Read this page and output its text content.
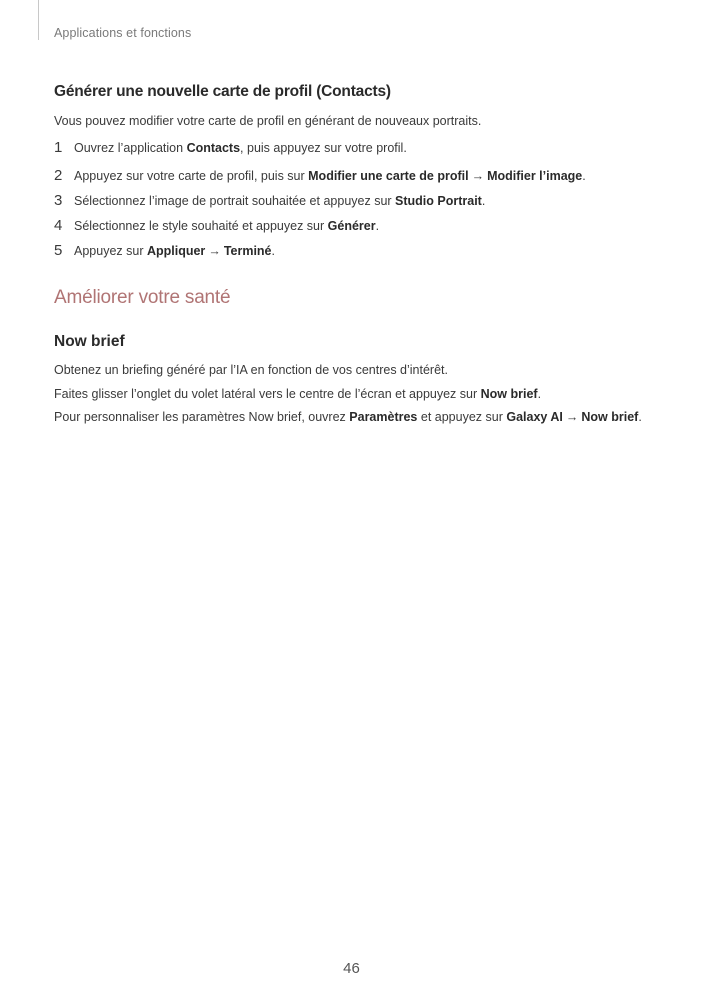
Applications et fonctions
Générer une nouvelle carte de profil (Contacts)

Vous pouvez modifier votre carte de profil en générant de nouveaux portraits.

1 Ouvrez l’application Contacts, puis appuyez sur votre profil.
2 Appuyez sur votre carte de profil, puis sur Modifier une carte de profil → Modifier l’image.
3 Sélectionnez l’image de portrait souhaitée et appuyez sur Studio Portrait.
4 Sélectionnez le style souhaité et appuyez sur Générer.
5 Appuyez sur Appliquer → Terminé.
Améliorer votre santé
Now brief

Obtenez un briefing généré par l’IA en fonction de vos centres d’intérêt.

Faites glisser l’onglet du volet latéral vers le centre de l’écran et appuyez sur Now brief.

Pour personnaliser les paramètres Now brief, ouvrez Paramètres et appuyez sur Galaxy AI → Now brief.

46
